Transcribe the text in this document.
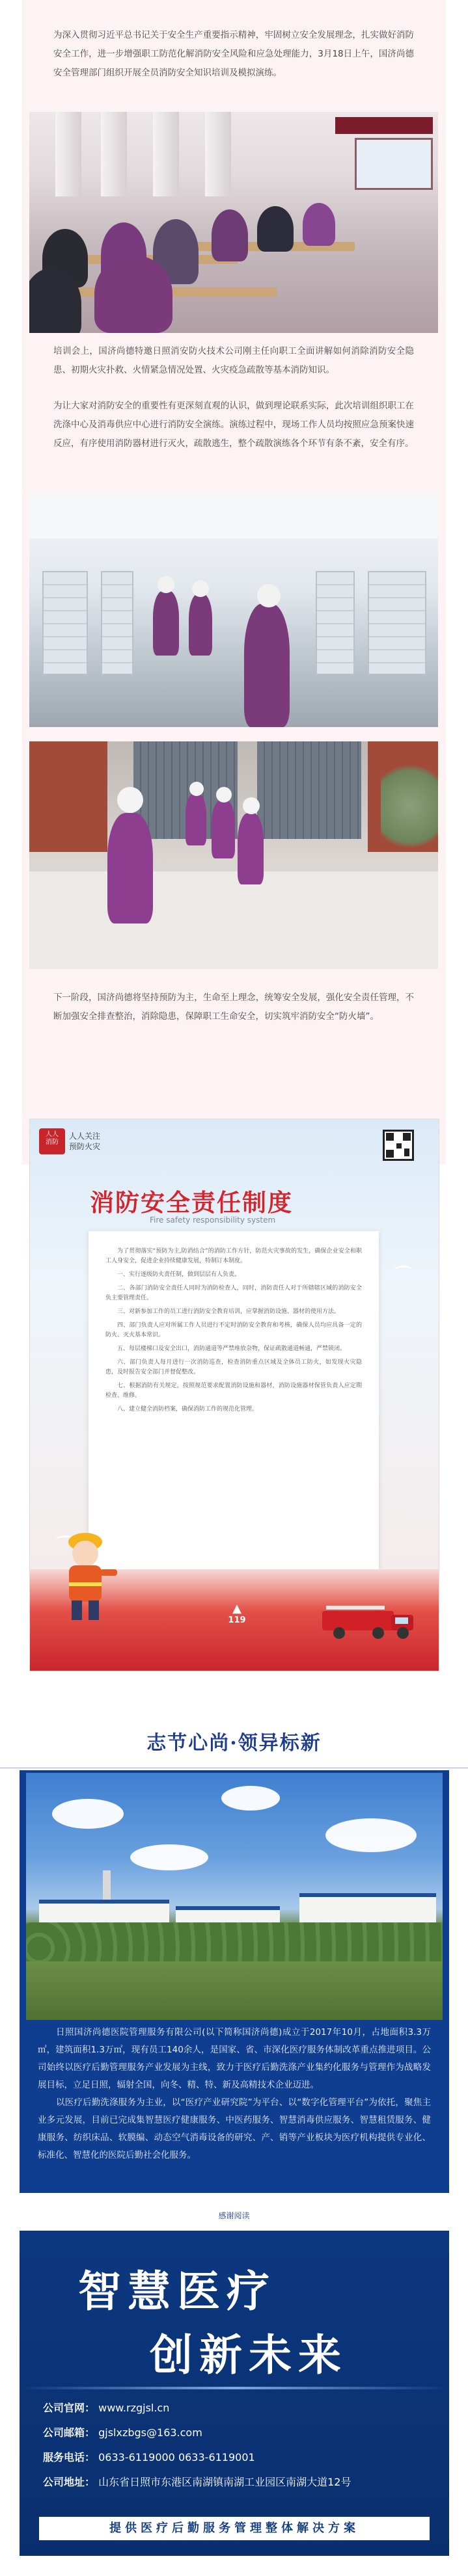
为深入贯彻习近平总书记关于安全生产重要指示精神，牢固树立安全发展理念，扎实做好消防安全工作，进一步增强职工防范化解消防安全风险和应急处理能力，3月18日上午，国济尚德安全管理部门组织开展全员消防安全知识培训及模拟演练。

培训会上，国济尚德特邀日照消安防火技术公司刚主任向职工全面讲解如何消除消防安全隐患、初期火灾扑救、火情紧急情况处置、火灾疫急疏散等基本消防知识。

为让大家对消防安全的重要性有更深刻直观的认识，做到理论联系实际，此次培训组织职工在洗涤中心及消毒供应中心进行消防安全演练。演练过程中，现场工作人员均按照应急预案快速反应，有序使用消防器材进行灭火，疏散逃生，整个疏散演练各个环节有条不紊，安全有序。

下一阶段，国济尚德将坚持预防为主，生命至上理念，统筹安全发展，强化安全责任管理，不断加强安全排查整治，消除隐患，保障职工生命安全，切实筑牢消防安全“防火墙”。

人人
消防
人人关注
预防火灾
消防安全责任制度
Fire safety responsibility system

为了贯彻落实“预防为主,防消结合”的消防工作方针，防范火灾事故的发生，确保企业安全和职工人身安全，促进企业持续健康发展，特制订本制度。

一、实行逐级防火责任制，做到层层有人负责。

二、各部门消防安全责任人同时为消防检查人，同时，消防责任人对于所辖辖区域的消防安全负主要管理责任。

三、对新参加工作的员工进行消防安全教育培训，应掌握消防设施、器材的使用方法。

四、部门负责人应对所属工作人员进行不定时消防安全教育和考核，确保人员均应具备一定的防火、灭火基本常识。

五、每层楼梯口及安全出口，消防通道等严禁堆放杂物，保证疏散通道畅通，严禁锁闭。

六、部门负责人每月进行一次消防巡查，检查消防重点区域及全体员工防火，如发现火灾隐患，及时报告安全部门并督促整改。

七、根据消防有关规定，按照规范要求配置消防设施和器材，消防设施器材保管负责人应定期检查、维修。

八、建立健全消防档案，确保消防工作的规范化管理。

▲
119
志节心尚·领异标新

日照国济尚德医院管理服务有限公司(以下简称国济尚德)成立于2017年10月，占地面积3.3万㎡，建筑面积1.3万㎡，现有员工140余人，是国家、省、市深化医疗服务体制改革重点推进项目。公司始终以医疗后勤管理服务产业发展为主线，致力于医疗后勤洗涤产业集约化服务与管理作为战略发展目标，立足日照，辐射全国，向冬、精、特、新及高精技术企业迈进。
以医疗后勤洗涤服务为主业，以“医疗产业研究院”为平台、以“数字化管理平台”为依托，聚焦主业多元发展，目前已完成集智慧医疗健康服务、中医药服务、智慧消毒供应服务、智慧租赁服务、健康服务、纺织床品、软膜编、动态空气消毒设备的研究、产、销等产业板块为医疗机构提供专业化、标准化、智慧化的医院后勤社会化服务。

感谢阅读
智慧医疗
创新未来
公司官网： www.rzgjsl.cn
公司邮箱： gjslxzbgs@163.com
服务电话： 0633-6119000 0633-6119001
公司地址： 山东省日照市东港区南湖镇南湖工业园区南湖大道12号
提供医疗后勤服务管理整体解决方案
